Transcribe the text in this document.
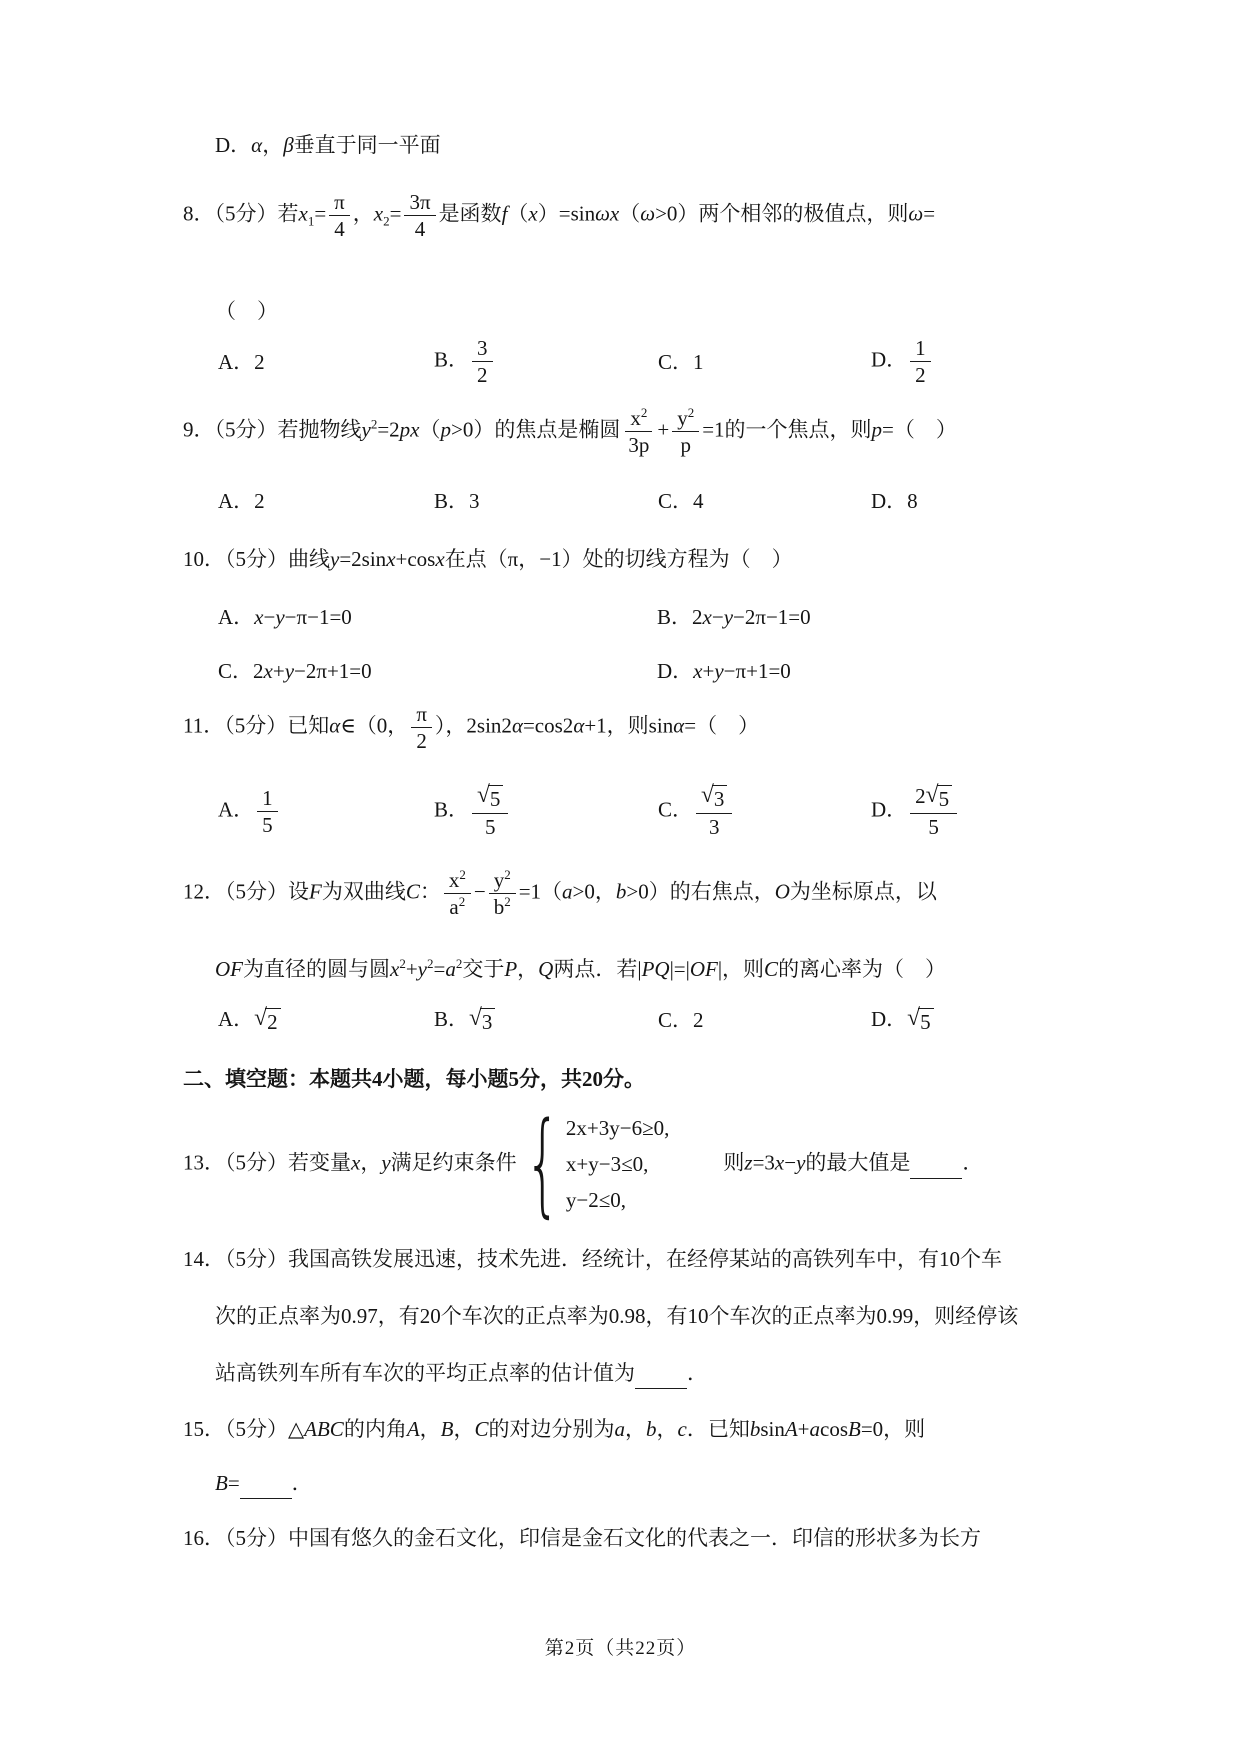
D．α，β垂直于同一平面
8．（5分）若$x_1= \frac{\pi}{4}$ ，$x_2= \frac{3\pi}{4}$ 是函数f（x）=sinωx（ω>0）两个相邻的极值点，则ω=
（　）
A．2	B． $\frac{3}{2}$	C．1	D． $\frac{1}{2}$
9．（5分）若抛物线$y^2=2px(p>0)$的焦点是椭圆 $\frac{x^2}{3p} + \frac{y^2}{p} =1$的一个焦点，则p=（　）
A．2	B．3	C．4	D．8
10．（5分）曲线y=2sinx+cosx在点（π，−1）处的切线方程为（　）
A．x−y−π−1=0	B．2x−y−2π−1=0
C．2x+y−2π+1=0	D．x+y−π+1=0
11．（5分）已知α∈（0， $\frac{\pi}{2}$ ），2sin2α=cos2α+1，则sinα=（　）
A． $\frac{1}{5}$	B． $\frac{√ 5}{5}$	C． $\frac{√ 3}{3}$	D． $\frac{2 √ 5}{5}$
12．（5分）设F为双曲线C： $\frac{x^2}{a^2} - \frac{y^2}{b^2} =1(a>0$，b>0）的右焦点，O为坐标原点，以
OF为直径的圆与圆$x^2+y^2=a^2$交于P，Q两点．若|PQ|=|OF|，则C的离心率为（　）
A． √ 2	B． √ 3	C．2	D． √ 5
二、填空题：本题共4小题，每小题5分，共20分。
13．（5分）若变量x，y满足约束条件 { 2x+3y−6≥0,
x+y−3≤0,
y−2≤0,
则z=3x−y的最大值是 ．
14．（5分）我国高铁发展迅速，技术先进．经统计，在经停某站的高铁列车中，有10个车
次的正点率为0.97，有20个车次的正点率为0.98，有10个车次的正点率为0.99，则经停该
站高铁列车所有车次的平均正点率的估计值为 ．
15．（5分）△ABC的内角A，B，C的对边分别为a，b，c．已知bsinA+acosB=0，则
B= ．
16．（5分）中国有悠久的金石文化，印信是金石文化的代表之一．印信的形状多为长方
第2页（共22页）
